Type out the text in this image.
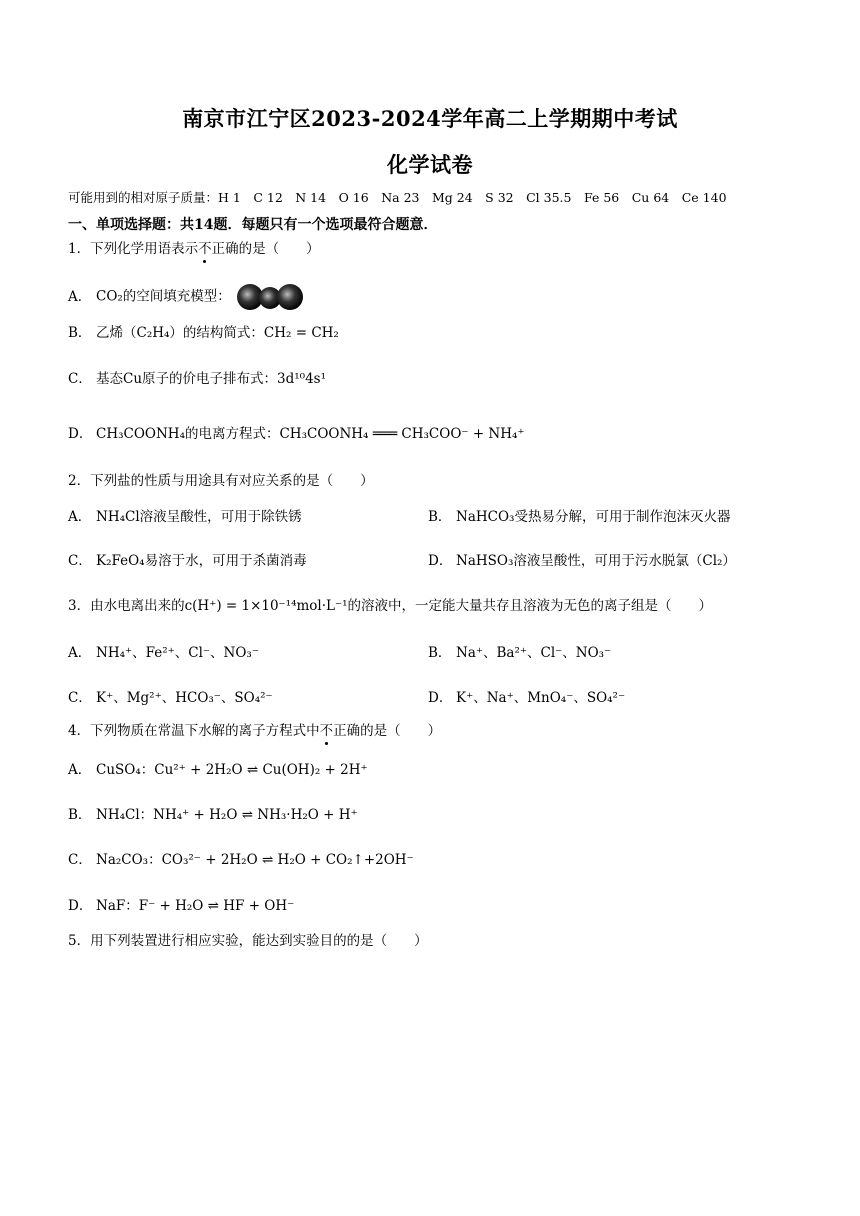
南京市江宁区2023-2024学年高二上学期期中考试
化学试卷
可能用到的相对原子质量：H 1　C 12　N 14　O 16　Na 23　Mg 24　S 32　Cl 35.5　Fe 56　Cu 64　Ce 140
一、单项选择题：共14题．每题只有一个选项最符合题意．
1．下列化学用语表示不正确的是（　　）
A． CO₂的空间填充模型：
B． 乙烯（C₂H₄）的结构简式：CH₂ = CH₂
C． 基态Cu原子的价电子排布式：3d¹⁰4s¹
D． CH₃COONH₄的电离方程式：CH₃COONH₄ ═══ CH₃COO⁻ + NH₄⁺
2．下列盐的性质与用途具有对应关系的是（　　）
A． NH₄Cl溶液呈酸性，可用于除铁锈	B． NaHCO₃受热易分解，可用于制作泡沫灭火器
C． K₂FeO₄易溶于水，可用于杀菌消毒	D． NaHSO₃溶液呈酸性，可用于污水脱氯（Cl₂）
3．由水电离出来的c(H⁺) = 1×10⁻¹⁴mol·L⁻¹的溶液中，一定能大量共存且溶液为无色的离子组是（　　）
A． NH₄⁺、Fe²⁺、Cl⁻、NO₃⁻	B． Na⁺、Ba²⁺、Cl⁻、NO₃⁻
C． K⁺、Mg²⁺、HCO₃⁻、SO₄²⁻	D． K⁺、Na⁺、MnO₄⁻、SO₄²⁻
4．下列物质在常温下水解的离子方程式中不正确的是（　　）
A． CuSO₄：Cu²⁺ + 2H₂O ⇌ Cu(OH)₂ + 2H⁺
B． NH₄Cl：NH₄⁺ + H₂O ⇌ NH₃·H₂O + H⁺
C． Na₂CO₃：CO₃²⁻ + 2H₂O ⇌ H₂O + CO₂↑+2OH⁻
D． NaF：F⁻ + H₂O ⇌ HF + OH⁻
5．用下列装置进行相应实验，能达到实验目的的是（　　）
